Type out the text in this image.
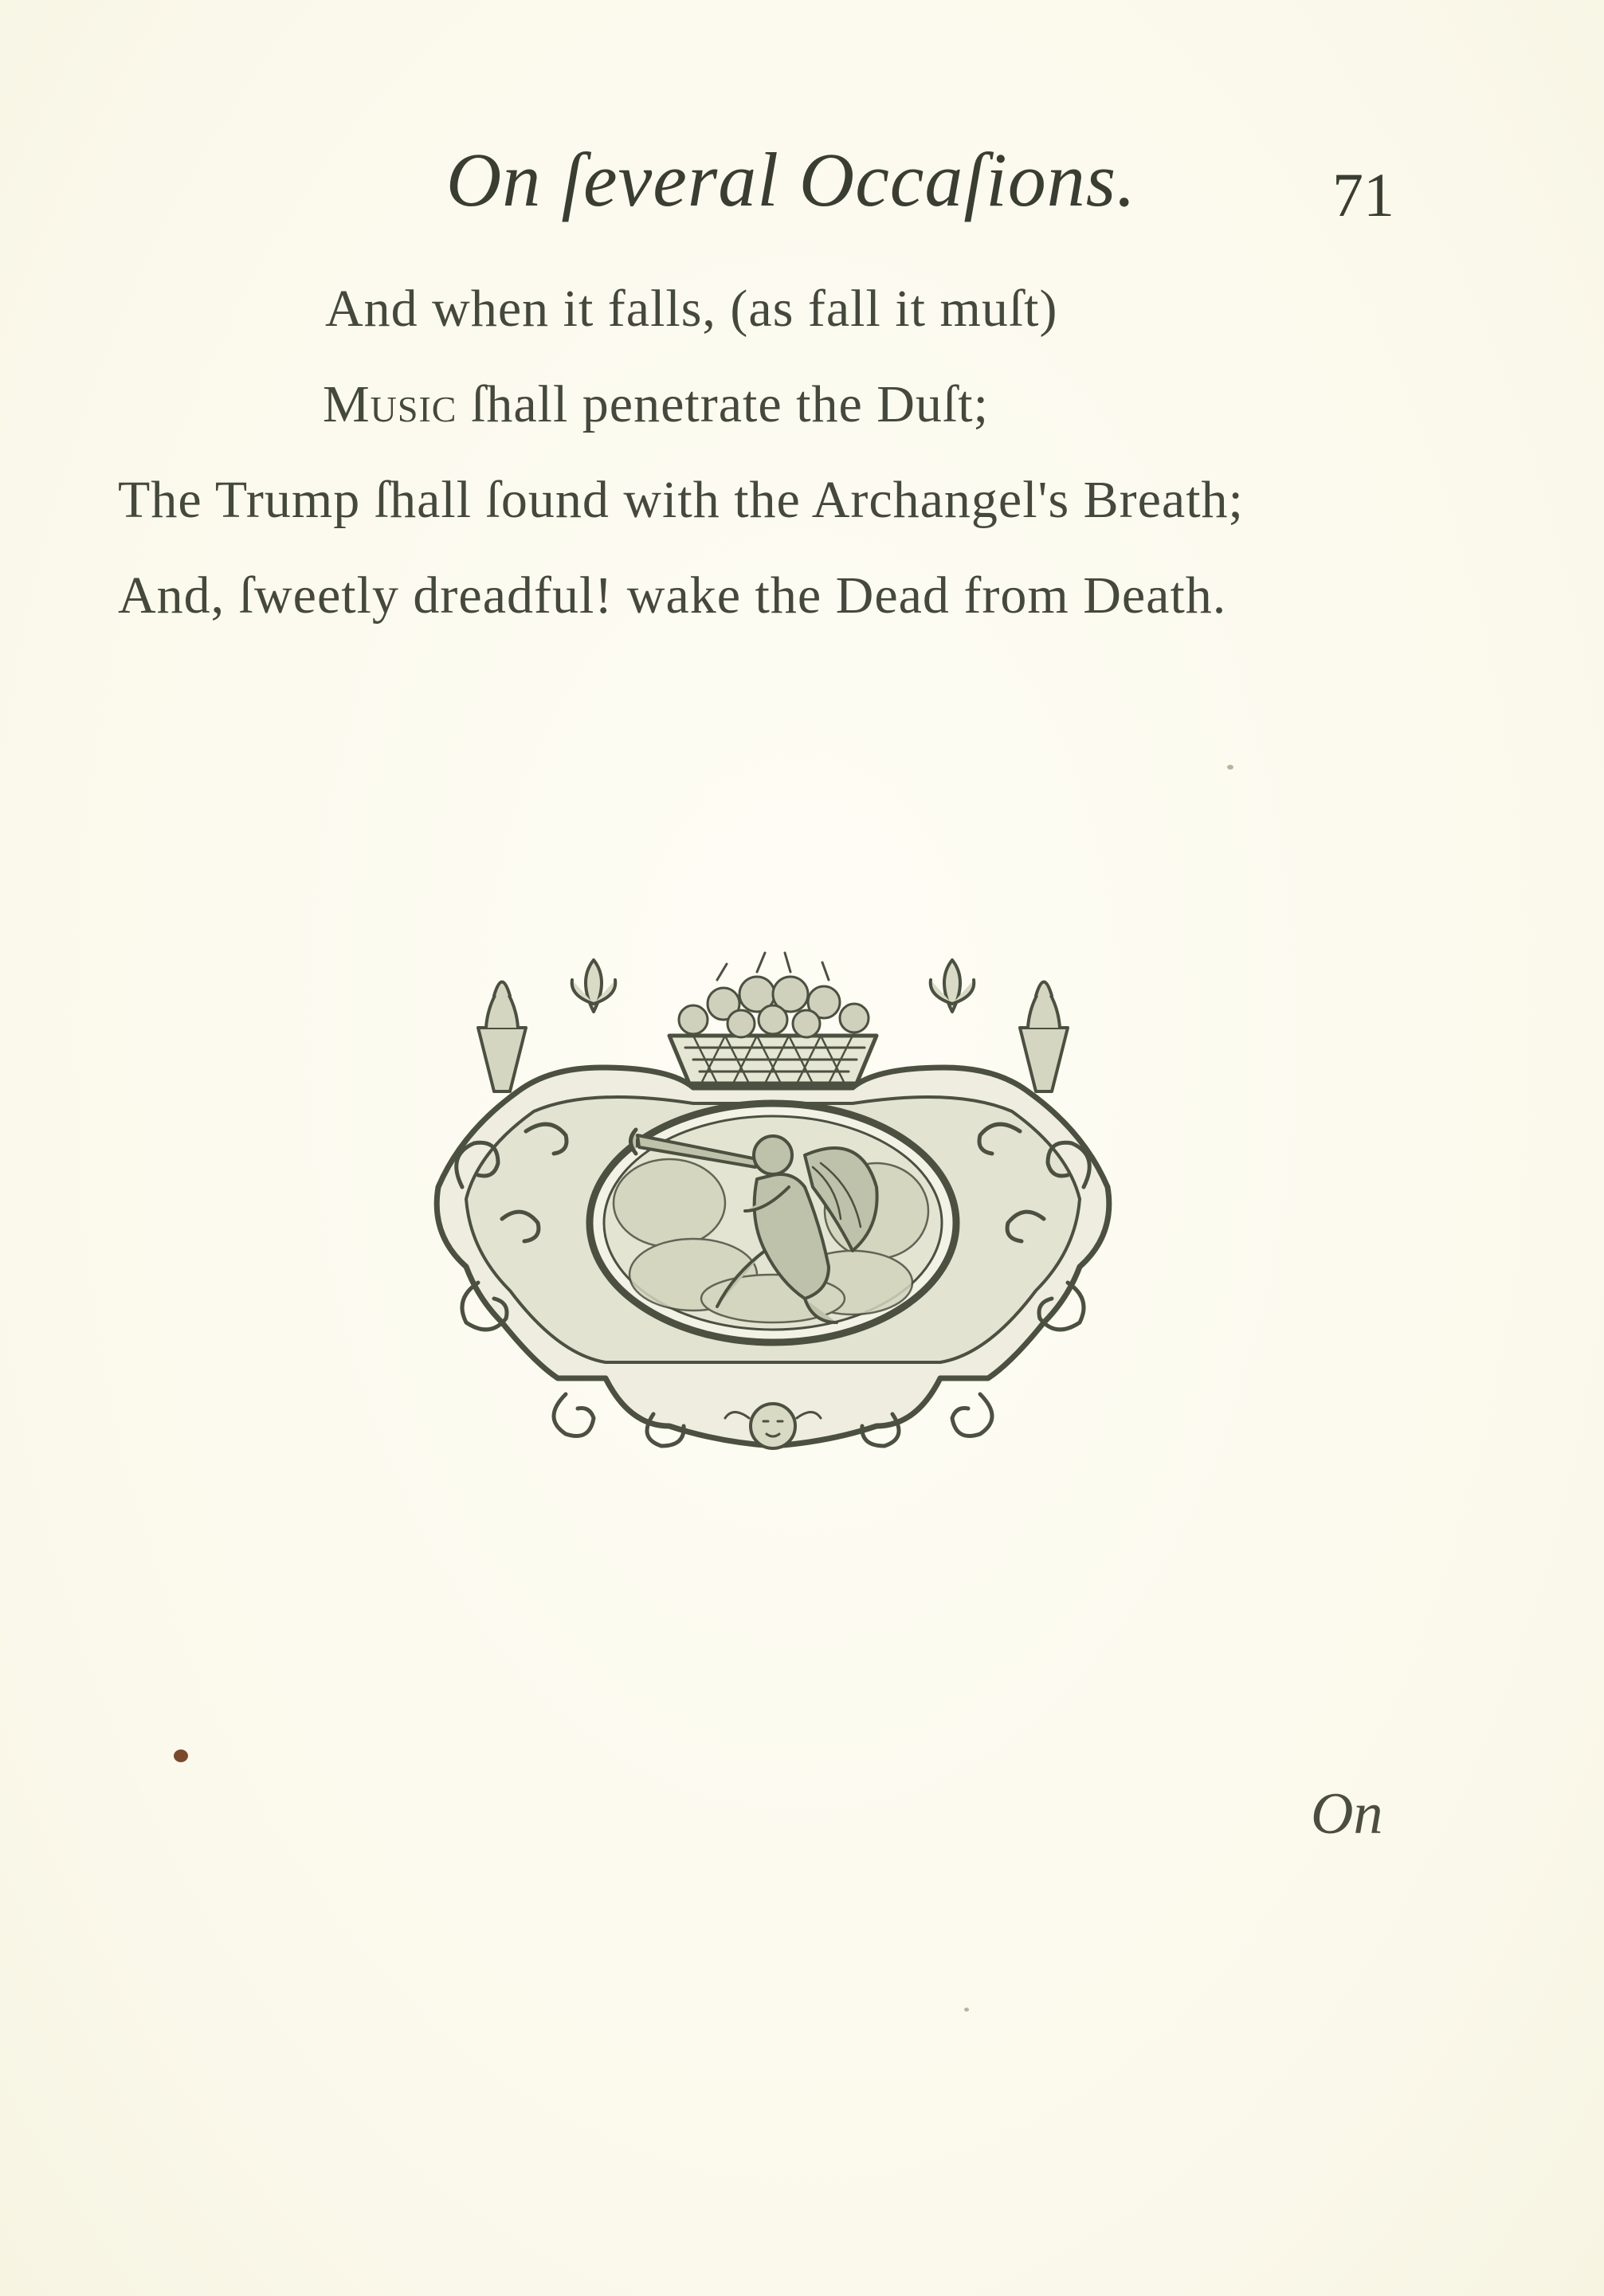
On ſeveral Occaſions.	71
And when it falls, (as fall it muſt)
Music ſhall penetrate the Duſt;
The Trump ſhall ſound with the Archangel's Breath;
And, ſweetly dreadful! wake the Dead from Death.
On
